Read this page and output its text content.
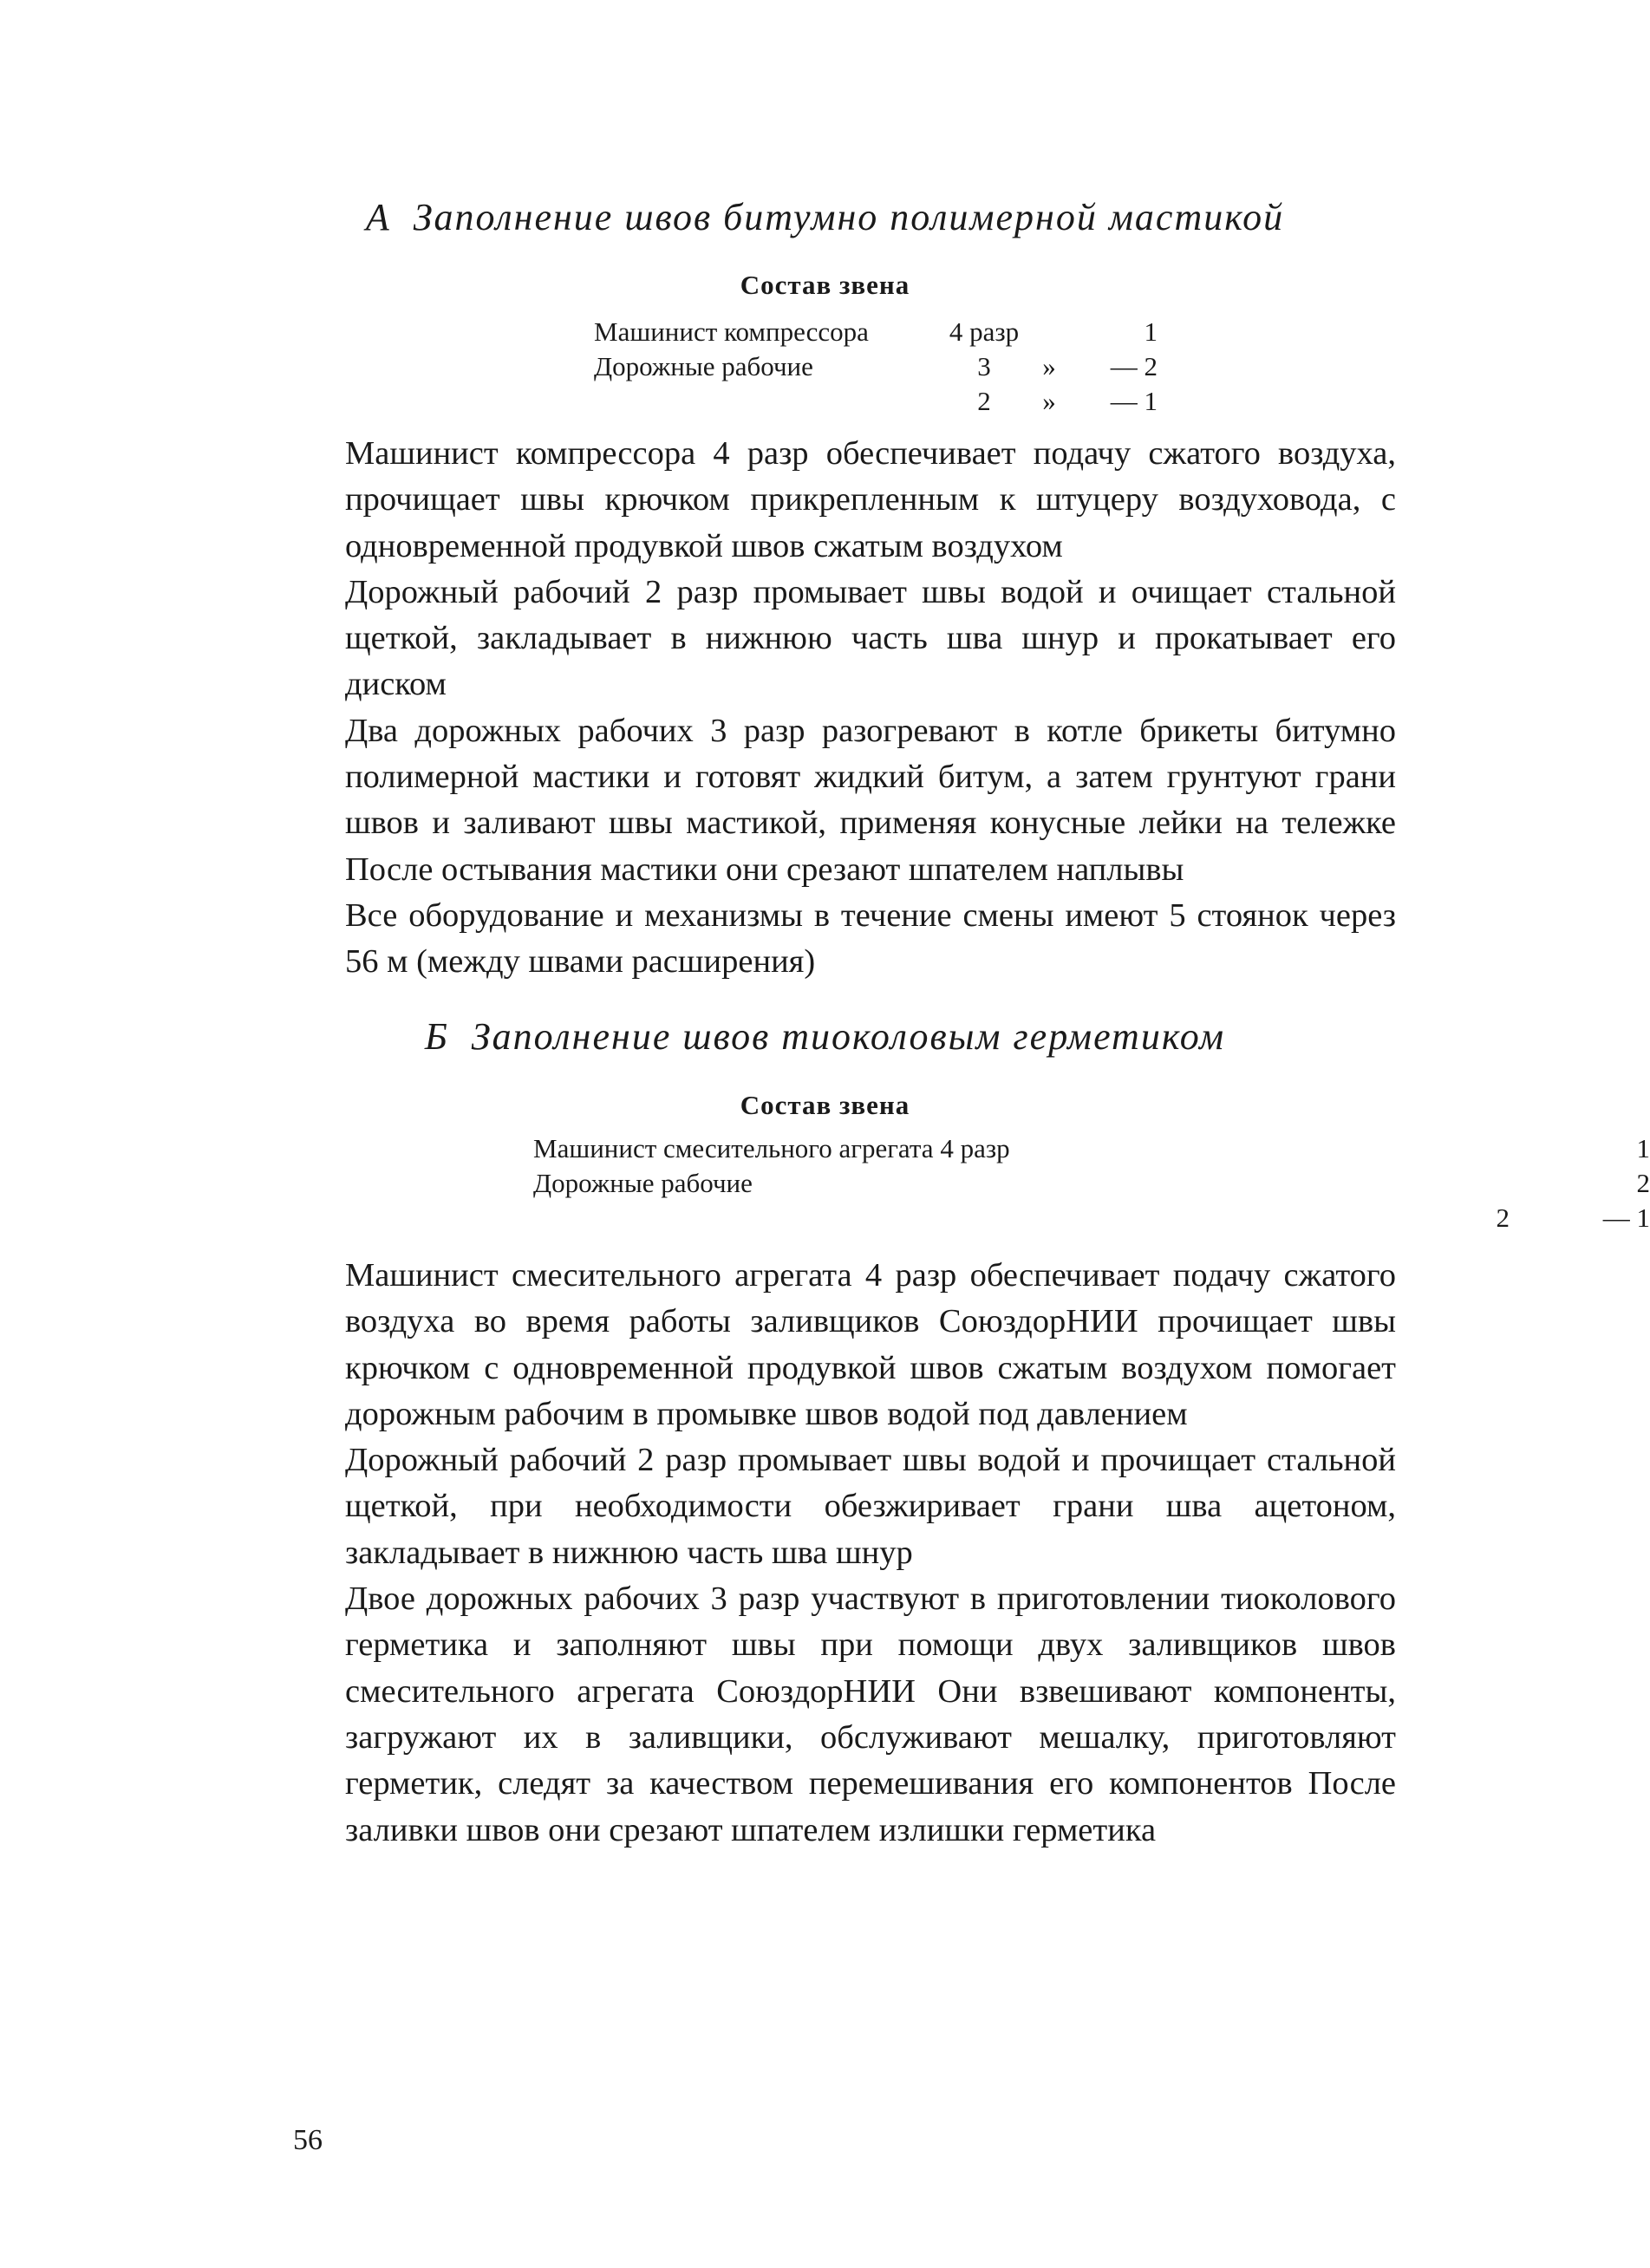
А Заполнение швов битумно полимерной мастикой
Состав звена
Машинист компрессора	4 разр		1
Дорожные рабочие	3	»	— 2
	2	»	— 1

Машинист компрессора 4 разр обеспечивает подачу сжатого воздуха, прочищает швы крючком прикрепленным к штуцеру воздуховода, с одновременной продувкой швов сжатым воздухом

Дорожный рабочий 2 разр промывает швы водой и очищает стальной щеткой, закладывает в нижнюю часть шва шнур и прокатывает его диском

Два дорожных рабочих 3 разр разогревают в котле брикеты битумно полимерной мастики и готовят жидкий битум, а затем грунтуют грани швов и заливают швы мастикой, применяя конусные лейки на тележке После остывания мастики они срезают шпателем наплывы

Все оборудование и механизмы в течение смены имеют 5 стоянок через 56 м (между швами расширения)

Б Заполнение швов тиоколовым герметиком
Состав звена
Машинист смесительного агрегата 4 разр			1
Дорожные рабочие			2
	2		— 1

Машинист смесительного агрегата 4 разр обеспечивает подачу сжатого воздуха во время работы заливщиков СоюздорНИИ прочищает швы крючком с одновременной продувкой швов сжатым воздухом помогает дорожным рабочим в промывке швов водой под давлением

Дорожный рабочий 2 разр промывает швы водой и прочищает стальной щеткой, при необходимости обезжиривает грани шва ацетоном, закладывает в нижнюю часть шва шнур

Двое дорожных рабочих 3 разр участвуют в приготовлении тиоколового герметика и заполняют швы при помощи двух заливщиков швов смесительного агрегата СоюздорНИИ Они взвешивают компоненты, загружают их в заливщики, обслуживают мешалку, приготовляют герметик, следят за качеством перемешивания его компонентов После заливки швов они срезают шпателем излишки герметика

56
